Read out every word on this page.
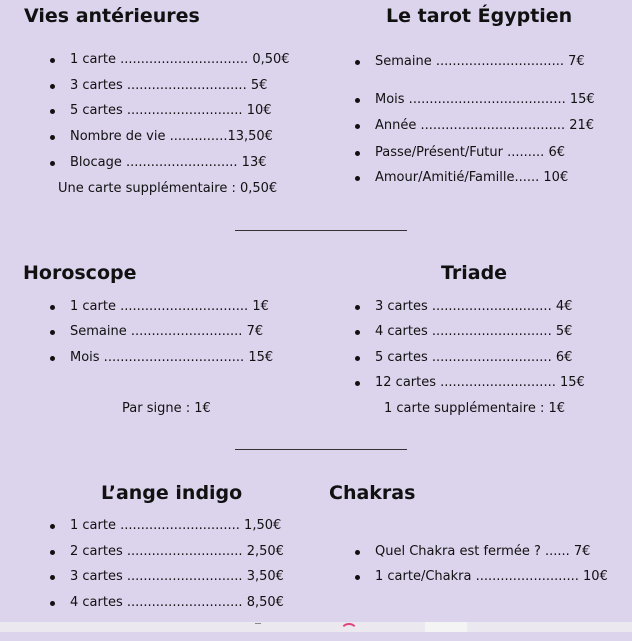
Vies antérieures
1 carte ............................... 0,50€
3 cartes ............................. 5€
5 cartes ............................ 10€
Nombre de vie ..............13,50€
Blocage ........................... 13€
Une carte supplémentaire : 0,50€
Le tarot Égyptien
Semaine ............................... 7€
Mois ...................................... 15€
Année ................................... 21€
Passe/Présent/Futur ......... 6€
Amour/Amitié/Famille...... 10€
Horoscope
1 carte ............................... 1€
Semaine ........................... 7€
Mois .................................. 15€
Par signe : 1€
Triade
3 cartes ............................. 4€
4 cartes ............................. 5€
5 cartes ............................. 6€
12 cartes ............................ 15€
1 carte supplémentaire : 1€
L’ange indigo
1 carte ............................. 1,50€
2 cartes ............................ 2,50€
3 cartes ............................ 3,50€
4 cartes ............................ 8,50€
Chakras
Quel Chakra est fermée ? ...... 7€
1 carte/Chakra ......................... 10€
